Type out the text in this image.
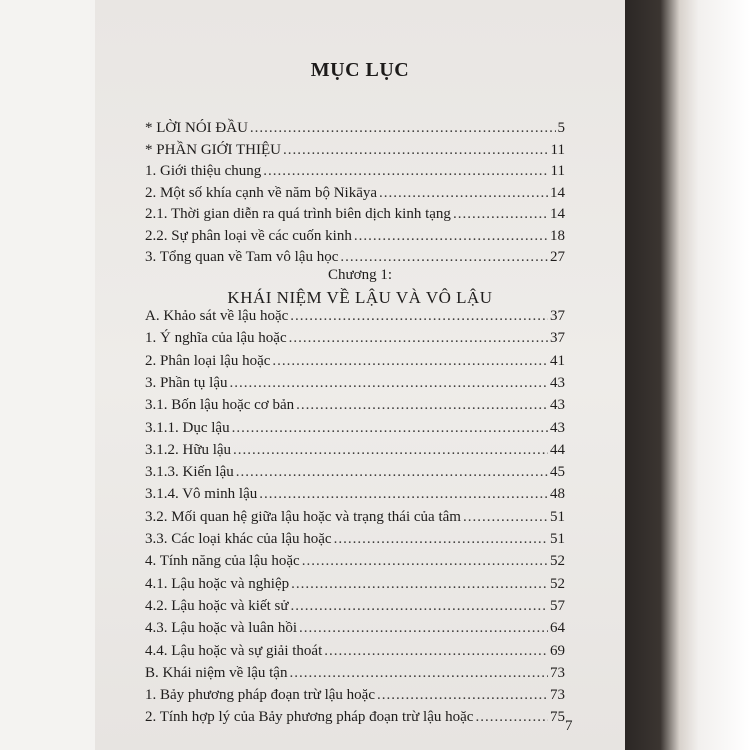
MỤC LỤC
* LỜI NÓI ĐẦU .....	5
* PHẦN GIỚI THIỆU .....	11
1. Giới thiệu chung .....	11
2. Một số khía cạnh về năm bộ Nikāya .....	14
2.1. Thời gian diễn ra quá trình biên dịch kinh tạng .....	14
2.2. Sự phân loại về các cuốn kinh .....	18
3. Tổng quan về Tam vô lậu học .....	27
Chương 1:
KHÁI NIỆM VỀ LẬU VÀ VÔ LẬU
A. Khảo sát về lậu hoặc .....	37
1. Ý nghĩa của lậu hoặc .....	37
2. Phân loại lậu hoặc .....	41
3. Phần tụ lậu .....	43
3.1. Bốn lậu hoặc cơ bản .....	43
3.1.1. Dục lậu .....	43
3.1.2. Hữu lậu .....	44
3.1.3. Kiến lậu .....	45
3.1.4. Vô minh lậu .....	48
3.2. Mối quan hệ giữa lậu hoặc và trạng thái của tâm .....	51
3.3. Các loại khác của lậu hoặc .....	51
4. Tính năng của lậu hoặc .....	52
4.1. Lậu hoặc và nghiệp .....	52
4.2. Lậu hoặc và kiết sử .....	57
4.3. Lậu hoặc và luân hồi .....	64
4.4. Lậu hoặc và sự giải thoát .....	69
B. Khái niệm về lậu tận .....	73
1. Bảy phương pháp đoạn trừ lậu hoặc .....	73
2. Tính hợp lý của Bảy phương pháp đoạn trừ lậu hoặc .....	75
7
